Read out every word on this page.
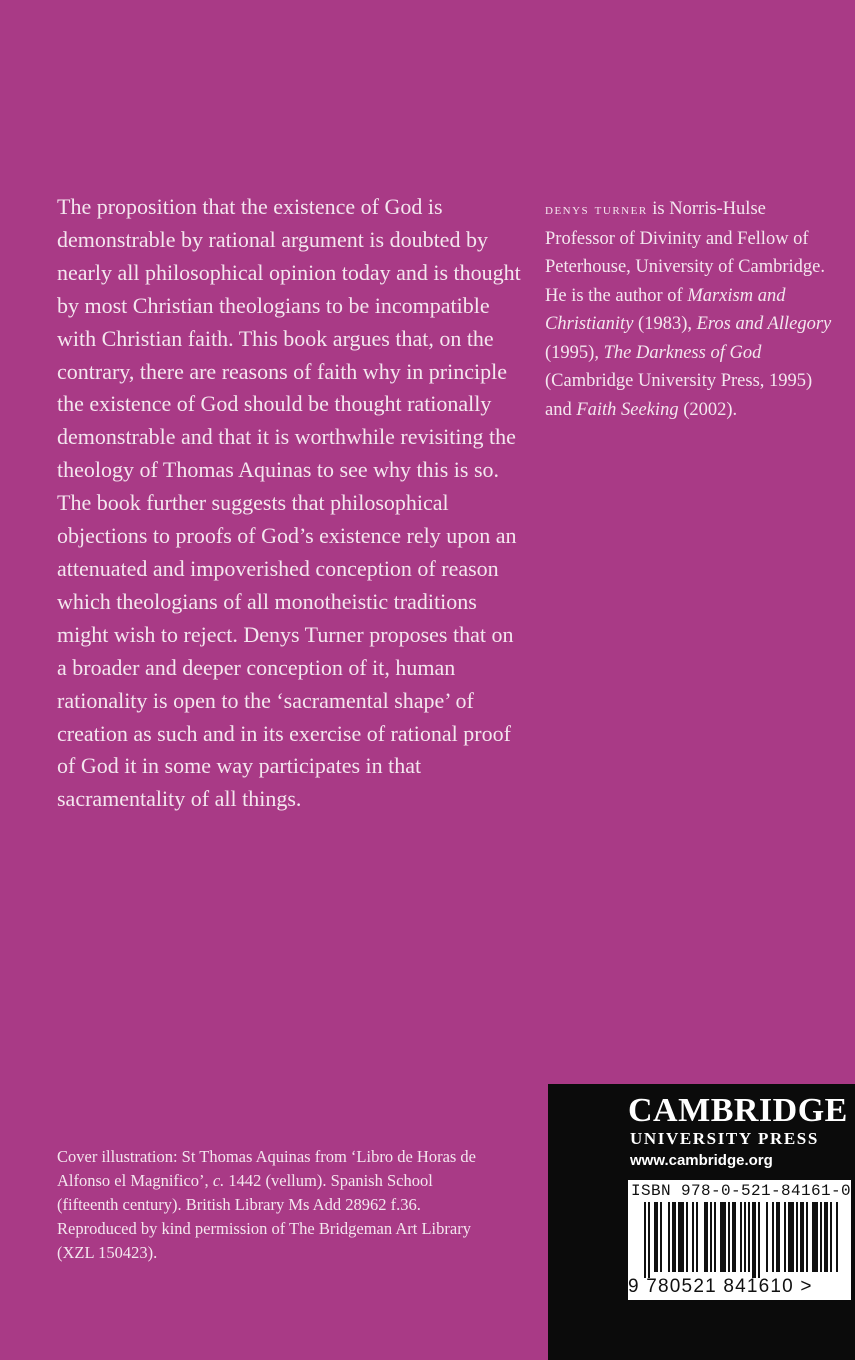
The proposition that the existence of God is demonstrable by rational argument is doubted by nearly all philosophical opinion today and is thought by most Christian theologians to be incompatible with Christian faith. This book argues that, on the contrary, there are reasons of faith why in principle the existence of God should be thought rationally demonstrable and that it is worthwhile revisiting the theology of Thomas Aquinas to see why this is so. The book further suggests that philosophical objections to proofs of God’s existence rely upon an attenuated and impoverished conception of reason which theologians of all monotheistic traditions might wish to reject. Denys Turner proposes that on a broader and deeper conception of it, human rationality is open to the ‘sacramental shape’ of creation as such and in its exercise of rational proof of God it in some way participates in that sacramentality of all things.

denys turner is Norris-Hulse Professor of Divinity and Fellow of Peterhouse, University of Cambridge. He is the author of Marxism and Christianity (1983), Eros and Allegory (1995), The Darkness of God (Cambridge University Press, 1995) and Faith Seeking (2002).

Cover illustration: St Thomas Aquinas from ‘Libro de Horas de Alfonso el Magnifico’, c. 1442 (vellum). Spanish School (fifteenth century). British Library Ms Add 28962 f.36. Reproduced by kind permission of The Bridgeman Art Library (XZL 150423).

CAMBRIDGE
UNIVERSITY PRESS
www.cambridge.org
ISBN 978-0-521-84161-0
9 780521 841610 >
